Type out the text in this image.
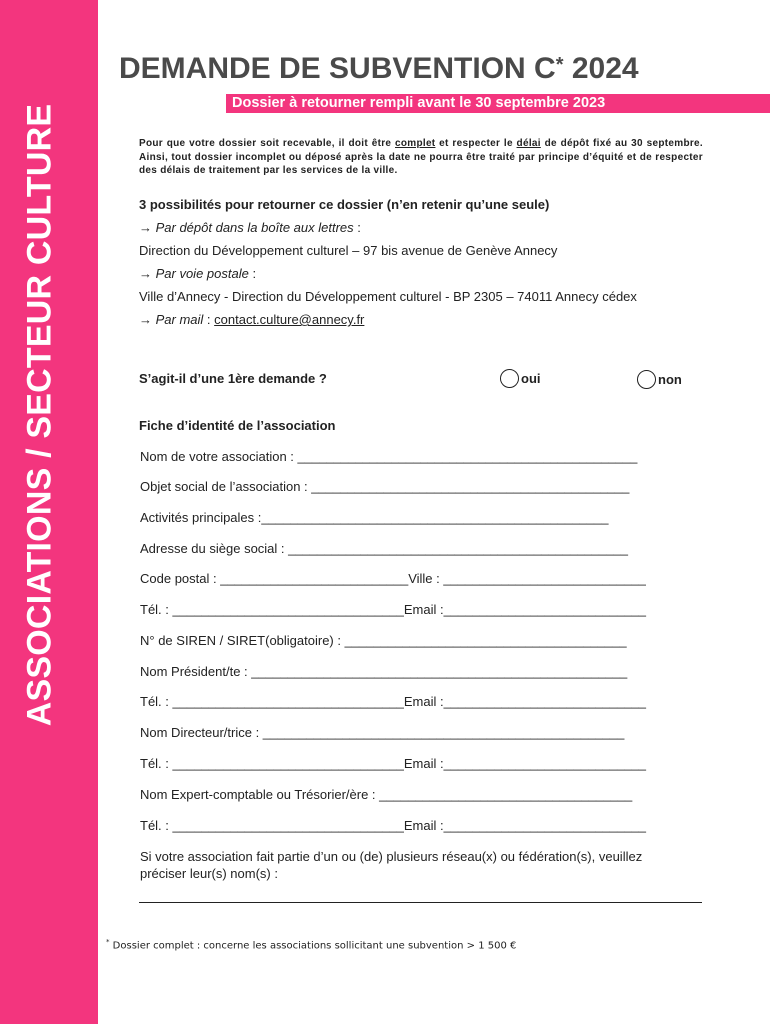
ASSOCIATIONS / SECTEUR CULTURE
DEMANDE DE SUBVENTION C* 2024
Dossier à retourner rempli avant le 30 septembre 2023

Pour que votre dossier soit recevable, il doit être complet et respecter le délai de dépôt fixé au 30 septembre. Ainsi, tout dossier incomplet ou déposé après la date ne pourra être traité par principe d’équité et de respecter des délais de traitement par les services de la ville.

3 possibilités pour retourner ce dossier (n’en retenir qu’une seule)
→ Par dépôt dans la boîte aux lettres :
Direction du Développement culturel – 97 bis avenue de Genève Annecy
→ Par voie postale :
Ville d’Annecy - Direction du Développement culturel - BP 2305 – 74011 Annecy cédex
→ Par mail : contact.culture@annecy.fr
S’agit-il d’une 1ère demande ?	oui	non
Fiche d’identité de l’association
Nom de votre association : _______________________________________________
Objet social de l’association : ____________________________________________
Activités principales :________________________________________________
Adresse du siège social : _______________________________________________
Code postal : __________________________Ville : ____________________________
Tél. : ________________________________Email :____________________________
N° de SIREN / SIRET(obligatoire) : _______________________________________
Nom Président/te : ____________________________________________________
Tél. : ________________________________Email :____________________________
Nom Directeur/trice : __________________________________________________
Tél. : ________________________________Email :____________________________
Nom Expert-comptable ou Trésorier/ère : ___________________________________
Tél. : ________________________________Email :____________________________
Si votre association fait partie d’un ou (de) plusieurs réseau(x) ou fédération(s), veuillez
préciser leur(s) nom(s) :
* Dossier complet : concerne les associations sollicitant une subvention > 1 500 €
